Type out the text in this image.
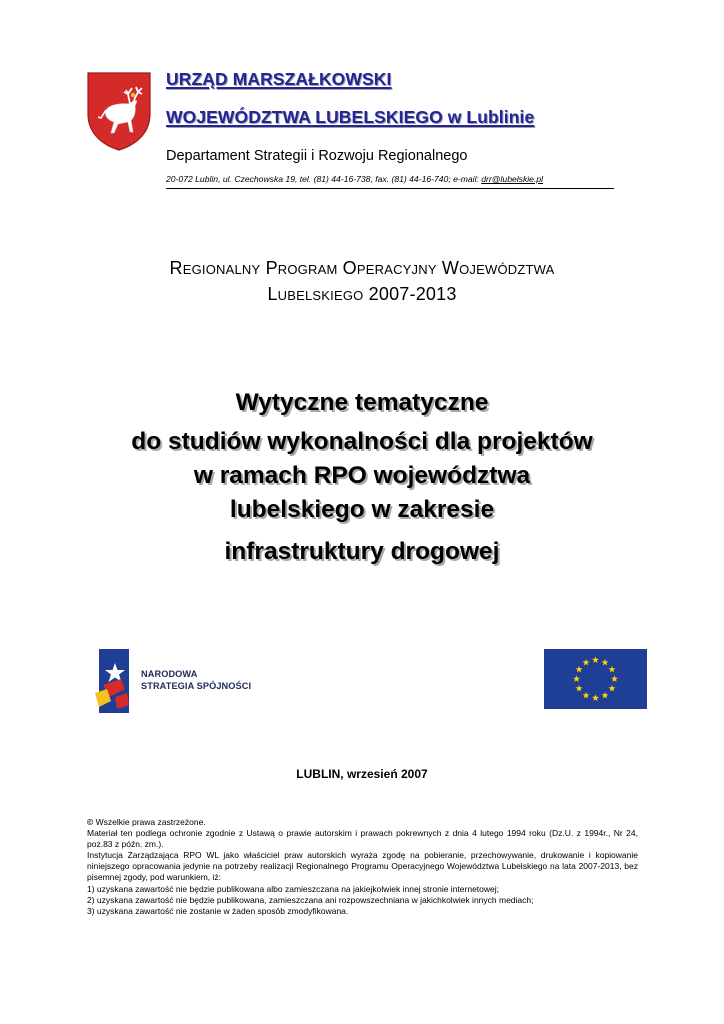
URZĄD MARSZAŁKOWSKI
WOJEWÓDZTWA LUBELSKIEGO w Lublinie
Departament Strategii i Rozwoju Regionalnego
20-072 Lublin, ul. Czechowska 19, tel. (81) 44-16-738, fax. (81) 44-16-740; e-mail: drr@lubelskie.pl
Regionalny Program Operacyjny Województwa
Lubelskiego 2007-2013
Wytyczne tematyczne
do studiów wykonalności dla projektów
w ramach RPO województwa
lubelskiego w zakresie
infrastruktury drogowej
NARODOWA
STRATEGIA SPÓJNOŚCI
LUBLIN, wrzesień 2007

© Wszelkie prawa zastrzeżone.

Materiał ten podlega ochronie zgodnie z Ustawą o prawie autorskim i prawach pokrewnych z dnia 4 lutego 1994 roku (Dz.U. z 1994r., Nr 24, poz.83 z późn. zm.).

Instytucja Zarządzająca RPO WL jako właściciel praw autorskich wyraża zgodę na pobieranie, przechowywanie, drukowanie i kopiowanie niniejszego opracowania jedynie na potrzeby realizacji Regionalnego Programu Operacyjnego Województwa Lubelskiego na lata 2007-2013, bez pisemnej zgody, pod warunkiem, iż:

1) uzyskana zawartość nie będzie publikowana albo zamieszczana na jakiejkolwiek innej stronie internetowej;

2) uzyskana zawartość nie będzie publikowana, zamieszczana ani rozpowszechniana w jakichkolwiek innych mediach;

3) uzyskana zawartość nie zostanie w żaden sposób zmodyfikowana.
